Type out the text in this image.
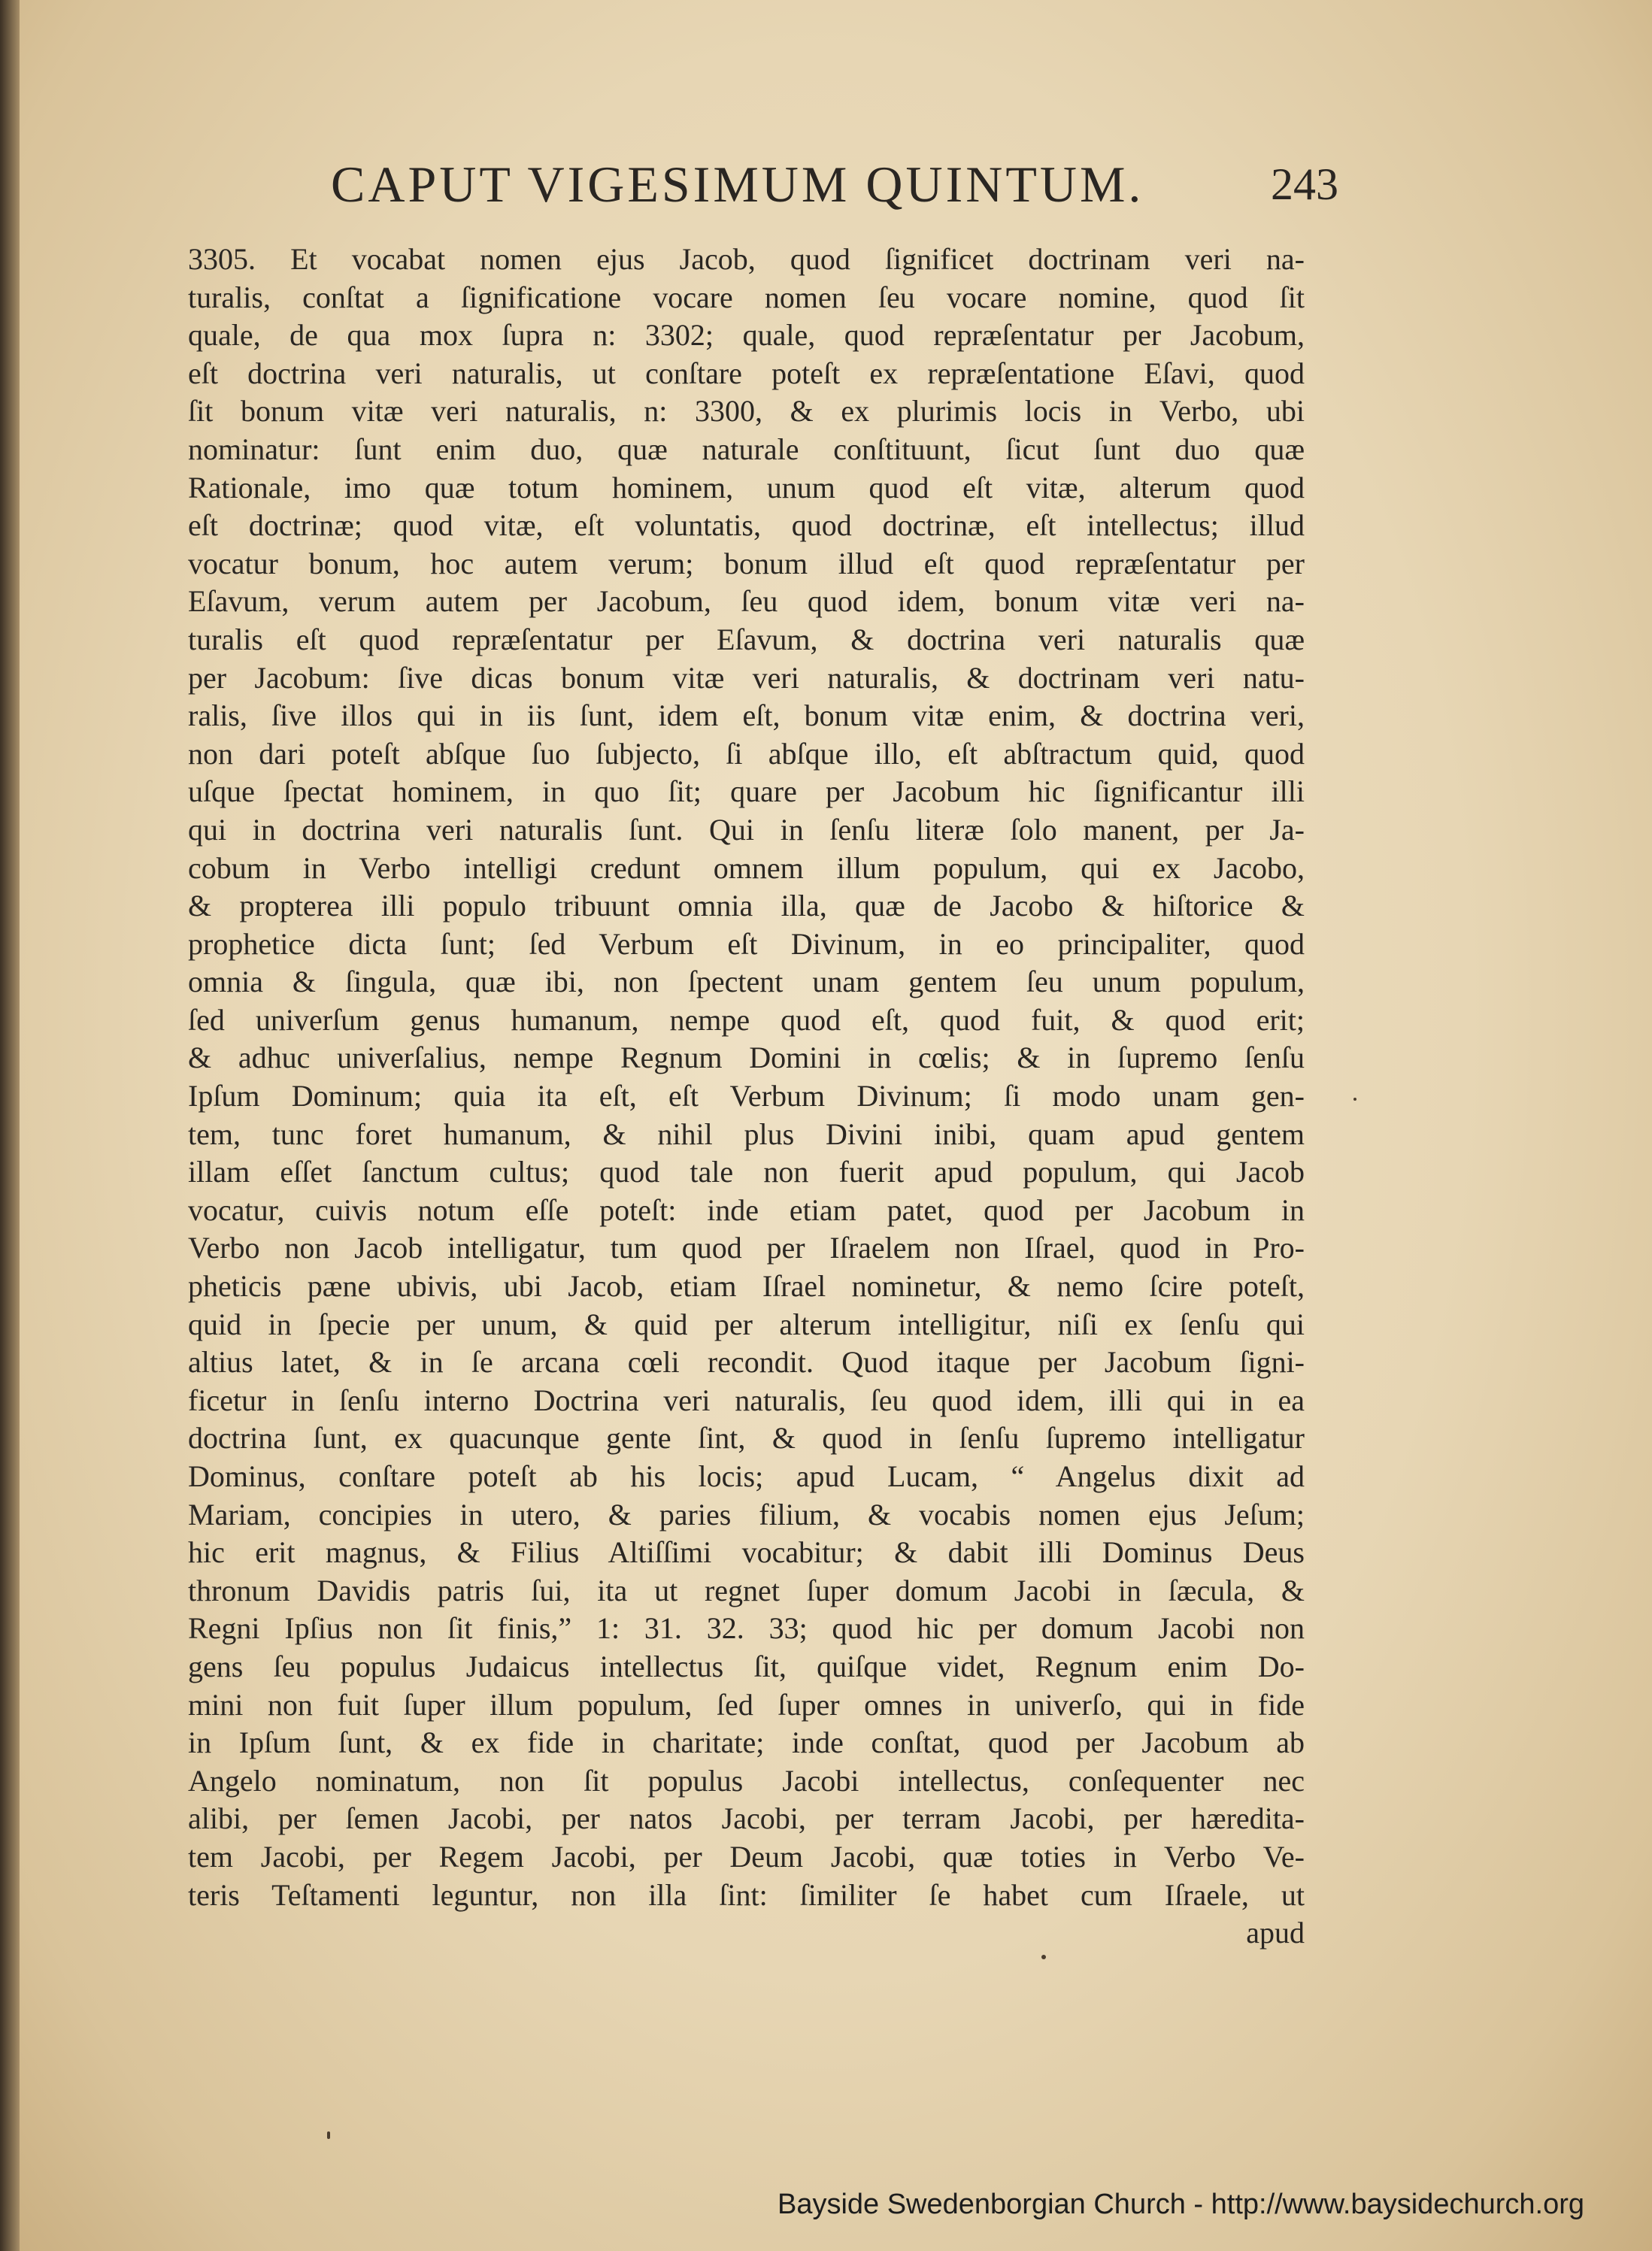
CAPUT VIGESIMUM QUINTUM.	243
3305. Et vocabat nomen ejus Jacob, quod ſignificet doctrinam veri na-
turalis, conſtat a ſignificatione vocare nomen ſeu vocare nomine, quod ſit
quale, de qua mox ſupra n: 3302; quale, quod repræſentatur per Jacobum,
eſt doctrina veri naturalis, ut conſtare poteſt ex repræſentatione Eſavi, quod
ſit bonum vitæ veri naturalis, n: 3300, & ex plurimis locis in Verbo, ubi
nominatur: ſunt enim duo, quæ naturale conſtituunt, ſicut ſunt duo quæ
Rationale, imo quæ totum hominem, unum quod eſt vitæ, alterum quod
eſt doctrinæ; quod vitæ, eſt voluntatis, quod doctrinæ, eſt intellectus; illud
vocatur bonum, hoc autem verum; bonum illud eſt quod repræſentatur per
Eſavum, verum autem per Jacobum, ſeu quod idem, bonum vitæ veri na-
turalis eſt quod repræſentatur per Eſavum, & doctrina veri naturalis quæ
per Jacobum: ſive dicas bonum vitæ veri naturalis, & doctrinam veri natu-
ralis, ſive illos qui in iis ſunt, idem eſt, bonum vitæ enim, & doctrina veri,
non dari poteſt abſque ſuo ſubjecto, ſi abſque illo, eſt abſtractum quid, quod
uſque ſpectat hominem, in quo ſit; quare per Jacobum hic ſignificantur illi
qui in doctrina veri naturalis ſunt. Qui in ſenſu literæ ſolo manent, per Ja-
cobum in Verbo intelligi credunt omnem illum populum, qui ex Jacobo,
& propterea illi populo tribuunt omnia illa, quæ de Jacobo & hiſtorice &
prophetice dicta ſunt; ſed Verbum eſt Divinum, in eo principaliter, quod
omnia & ſingula, quæ ibi, non ſpectent unam gentem ſeu unum populum,
ſed univerſum genus humanum, nempe quod eſt, quod fuit, & quod erit;
& adhuc univerſalius, nempe Regnum Domini in cœlis; & in ſupremo ſenſu
Ipſum Dominum; quia ita eſt, eſt Verbum Divinum; ſi modo unam gen-
tem, tunc foret humanum, & nihil plus Divini inibi, quam apud gentem
illam eſſet ſanctum cultus; quod tale non fuerit apud populum, qui Jacob
vocatur, cuivis notum eſſe poteſt: inde etiam patet, quod per Jacobum in
Verbo non Jacob intelligatur, tum quod per Iſraelem non Iſrael, quod in Pro-
pheticis pæne ubivis, ubi Jacob, etiam Iſrael nominetur, & nemo ſcire poteſt,
quid in ſpecie per unum, & quid per alterum intelligitur, niſi ex ſenſu qui
altius latet, & in ſe arcana cœli recondit. Quod itaque per Jacobum ſigni-
ficetur in ſenſu interno Doctrina veri naturalis, ſeu quod idem, illi qui in ea
doctrina ſunt, ex quacunque gente ſint, & quod in ſenſu ſupremo intelligatur
Dominus, conſtare poteſt ab his locis; apud Lucam, “ Angelus dixit ad
Mariam, concipies in utero, & paries filium, & vocabis nomen ejus Jeſum;
hic erit magnus, & Filius Altiſſimi vocabitur; & dabit illi Dominus Deus
thronum Davidis patris ſui, ita ut regnet ſuper domum Jacobi in ſæcula, &
Regni Ipſius non ſit finis,” 1: 31. 32. 33; quod hic per domum Jacobi non
gens ſeu populus Judaicus intellectus ſit, quiſque videt, Regnum enim Do-
mini non fuit ſuper illum populum, ſed ſuper omnes in univerſo, qui in fide
in Ipſum ſunt, & ex fide in charitate; inde conſtat, quod per Jacobum ab
Angelo nominatum, non ſit populus Jacobi intellectus, conſequenter nec
alibi, per ſemen Jacobi, per natos Jacobi, per terram Jacobi, per hæredita-
tem Jacobi, per Regem Jacobi, per Deum Jacobi, quæ toties in Verbo Ve-
teris Teſtamenti leguntur, non illa ſint: ſimiliter ſe habet cum Iſraele, ut
apud
Bayside Swedenborgian Church - http://www.baysidechurch.org
